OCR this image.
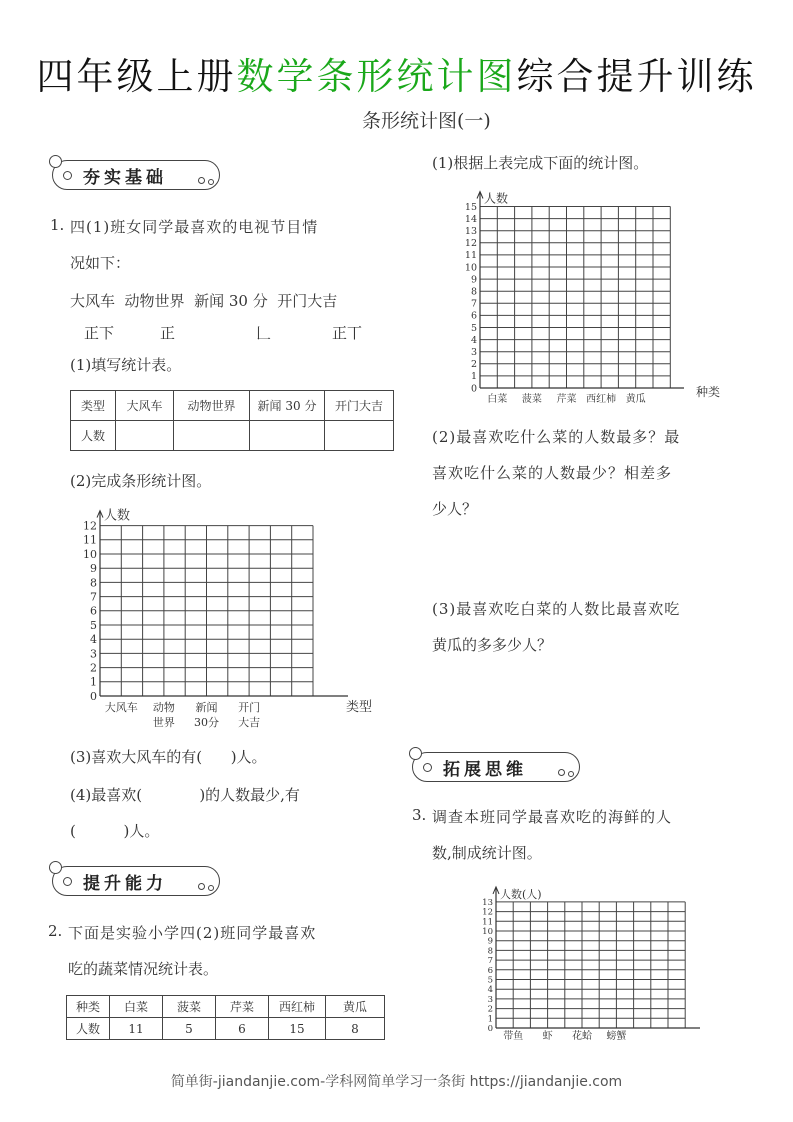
四年级上册数学条形统计图综合提升训练
条形统计图(一)
夯实基础
1. 四(1)班女同学最喜欢的电视节目情
况如下：
大风车  动物世界  新闻 30 分  开门大吉
正下	正	𠃊	正丅
(1)填写统计表。
类型	大风车	动物世界	新闻 30 分	开门大吉
人数				
(2)完成条形统计图。
0
1
2
3
4
5
6
7
8
9
10
11
12
人数
类型
大风车 动物
世界
新闻
30分
开门
大吉
(3)喜欢大风车的有(      )人。
(4)最喜欢(            )的人数最少,有
(          )人。
提升能力
2. 下面是实验小学四(2)班同学最喜欢
吃的蔬菜情况统计表。
种类	白菜	菠菜	芹菜	西红柿	黄瓜
人数	11	5	6	15	8
(1)根据上表完成下面的统计图。
0
1
2
3
4
5
6
7
8
9
10
11
12
13
14
15
人数
种类
白菜 菠菜 芹菜 西红柿 黄瓜
(2)最喜欢吃什么菜的人数最多？最
喜欢吃什么菜的人数最少？相差多
少人？
(3)最喜欢吃白菜的人数比最喜欢吃
黄瓜的多多少人？
拓展思维
3. 调查本班同学最喜欢吃的海鲜的人
数,制成统计图。
0
1
2
3
4
5
6
7
8
9
10
11
12
13
人数(人)
带鱼 虾 花蛤 螃蟹
简单街-jiandanjie.com-学科网简单学习一条街 https://jiandanjie.com
